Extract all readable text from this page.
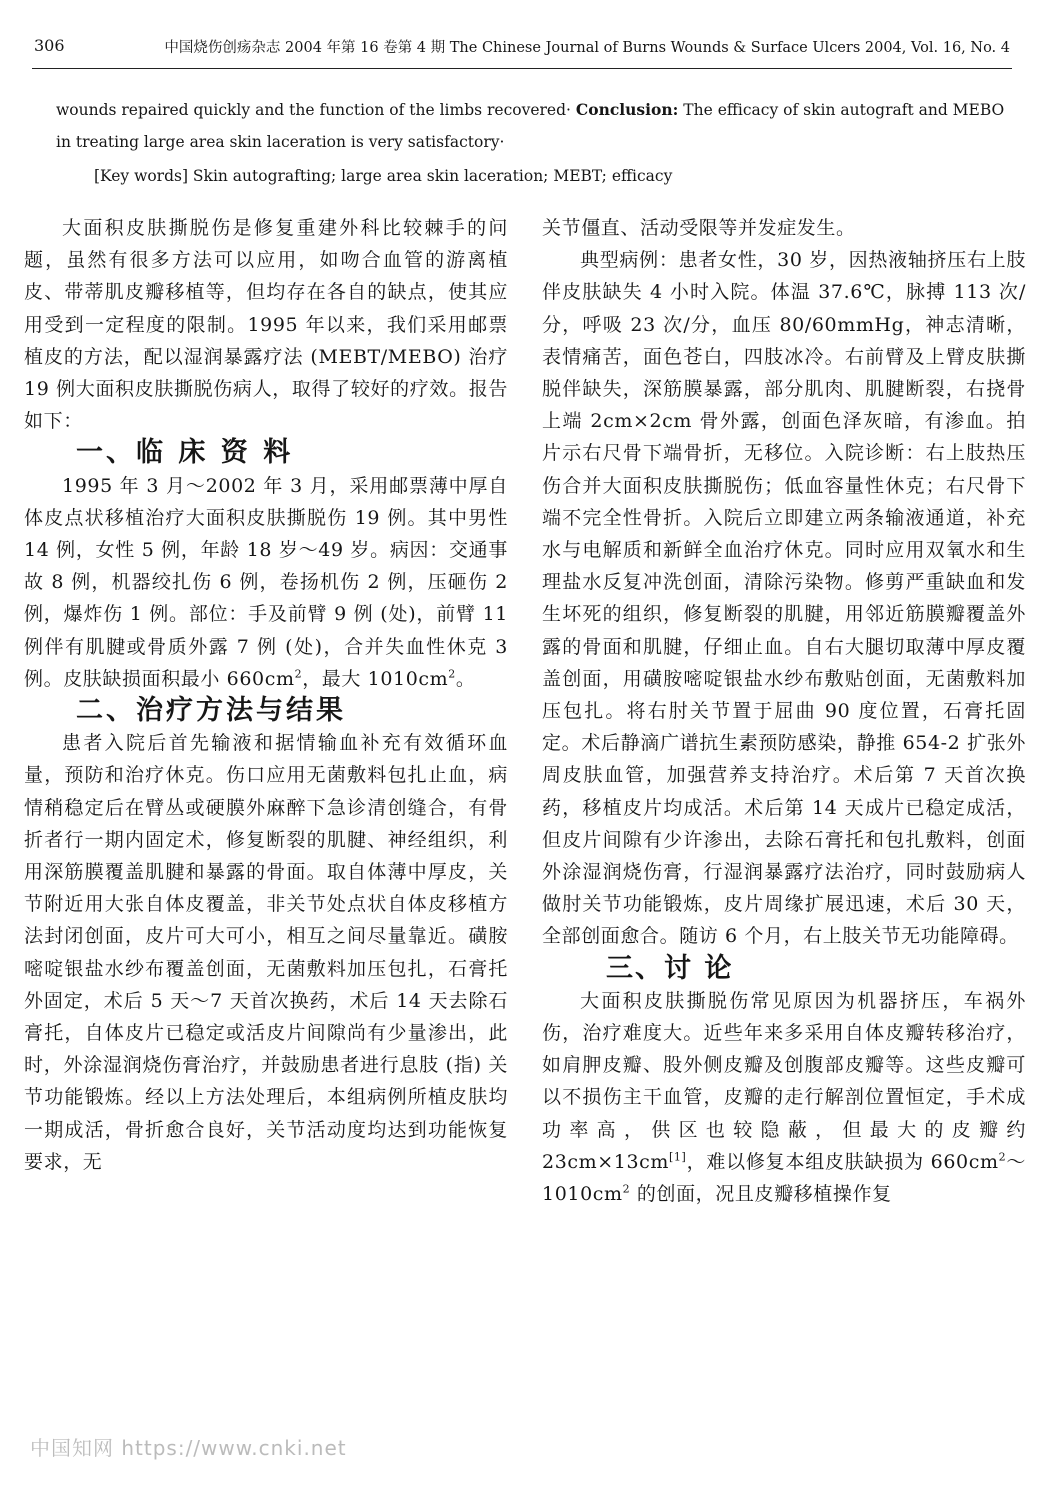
306	中国烧伤创疡杂志 2004 年第 16 卷第 4 期 The Chinese Journal of Burns Wounds & Surface Ulcers 2004, Vol. 16, No. 4

wounds repaired quickly and the function of the limbs recovered· Conclusion: The efficacy of skin autograft and MEBO in treating large area skin laceration is very satisfactory·

[Key words] Skin autografting; large area skin laceration; MEBT; efficacy

大面积皮肤撕脱伤是修复重建外科比较棘手的问题，虽然有很多方法可以应用，如吻合血管的游离植皮、带蒂肌皮瓣移植等，但均存在各自的缺点，使其应用受到一定程度的限制。1995 年以来，我们采用邮票植皮的方法，配以湿润暴露疗法 (MEBT/MEBO) 治疗 19 例大面积皮肤撕脱伤病人，取得了较好的疗效。报告如下：

一、临 床 资 料

1995 年 3 月～2002 年 3 月，采用邮票薄中厚自体皮点状移植治疗大面积皮肤撕脱伤 19 例。其中男性 14 例，女性 5 例，年龄 18 岁～49 岁。病因：交通事故 8 例，机器绞扎伤 6 例，卷扬机伤 2 例，压砸伤 2 例，爆炸伤 1 例。部位：手及前臂 9 例 (处)，前臂 11 例伴有肌腱或骨质外露 7 例 (处)，合并失血性休克 3 例。皮肤缺损面积最小 $660cm^2$，最大 $1010cm^2$。

二、治疗方法与结果

患者入院后首先输液和据情输血补充有效循环血量，预防和治疗休克。伤口应用无菌敷料包扎止血，病情稍稳定后在臂丛或硬膜外麻醉下急诊清创缝合，有骨折者行一期内固定术，修复断裂的肌腱、神经组织，利用深筋膜覆盖肌腱和暴露的骨面。取自体薄中厚皮，关节附近用大张自体皮覆盖，非关节处点状自体皮移植方法封闭创面，皮片可大可小，相互之间尽量靠近。磺胺嘧啶银盐水纱布覆盖创面，无菌敷料加压包扎，石膏托外固定，术后 5 天～7 天首次换药，术后 14 天去除石膏托，自体皮片已稳定或活皮片间隙尚有少量渗出，此时，外涂湿润烧伤膏治疗，并鼓励患者进行息肢 (指) 关节功能锻炼。经以上方法处理后，本组病例所植皮肤均一期成活，骨折愈合良好，关节活动度均达到功能恢复要求，无

关节僵直、活动受限等并发症发生。

典型病例：患者女性，30 岁，因热液轴挤压右上肢伴皮肤缺失 4 小时入院。体温 37.6℃，脉搏 113 次/分，呼吸 23 次/分，血压 80/60mmHg，神志清晰，表情痛苦，面色苍白，四肢冰冷。右前臂及上臂皮肤撕脱伴缺失，深筋膜暴露，部分肌肉、肌腱断裂，右挠骨上端 2cm×2cm 骨外露，创面色泽灰暗，有渗血。拍片示右尺骨下端骨折，无移位。入院诊断：右上肢热压伤合并大面积皮肤撕脱伤；低血容量性休克；右尺骨下端不完全性骨折。入院后立即建立两条输液通道，补充水与电解质和新鲜全血治疗休克。同时应用双氧水和生理盐水反复冲洗创面，清除污染物。修剪严重缺血和发生坏死的组织，修复断裂的肌腱，用邻近筋膜瓣覆盖外露的骨面和肌腱，仔细止血。自右大腿切取薄中厚皮覆盖创面，用磺胺嘧啶银盐水纱布敷贴创面，无菌敷料加压包扎。将右肘关节置于屈曲 90 度位置，石膏托固定。术后静滴广谱抗生素预防感染，静推 654-2 扩张外周皮肤血管，加强营养支持治疗。术后第 7 天首次换药，移植皮片均成活。术后第 14 天成片已稳定成活，但皮片间隙有少许渗出，去除石膏托和包扎敷料，创面外涂湿润烧伤膏，行湿润暴露疗法治疗，同时鼓励病人做肘关节功能锻炼，皮片周缘扩展迅速，术后 30 天，全部创面愈合。随访 6 个月，右上肢关节无功能障碍。

三、讨 论

大面积皮肤撕脱伤常见原因为机器挤压，车祸外伤，治疗难度大。近些年来多采用自体皮瓣转移治疗，如肩胛皮瓣、股外侧皮瓣及创腹部皮瓣等。这些皮瓣可以不损伤主干血管，皮瓣的走行解剖位置恒定，手术成功率高，供区也较隐蔽，但最大的皮瓣约 23cm×13cm[1]，难以修复本组皮肤缺损为 $660cm^2\sim 1010cm^2$ 的创面，况且皮瓣移植操作复

中国知网 https://www.cnki.net
